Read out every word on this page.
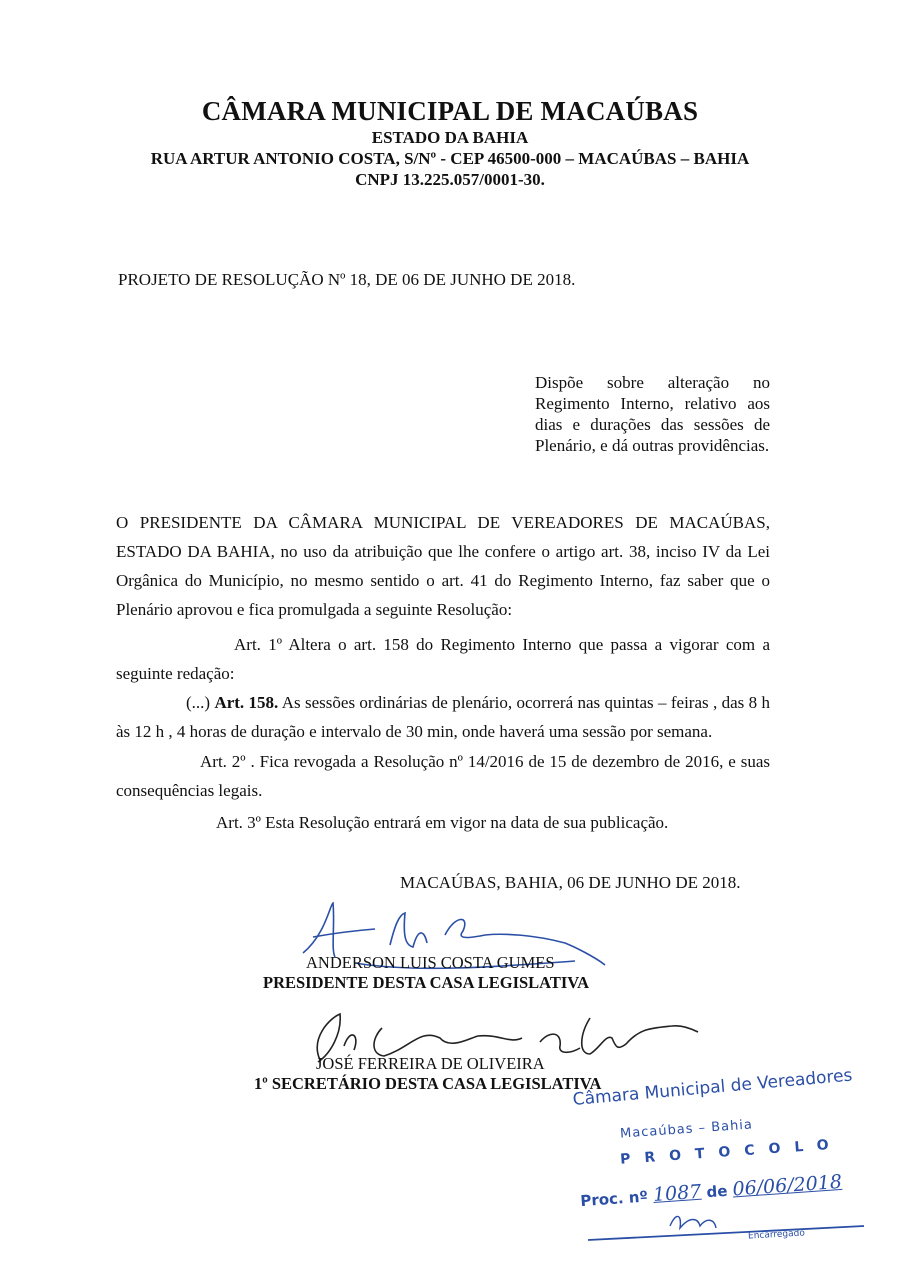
CÂMARA MUNICIPAL DE MACAÚBAS
ESTADO DA BAHIA
RUA ARTUR ANTONIO COSTA, S/Nº - CEP 46500-000 – MACAÚBAS – BAHIA
CNPJ 13.225.057/0001-30.
PROJETO DE RESOLUÇÃO Nº 18, DE 06 DE JUNHO DE 2018.
Dispõe sobre alteração no Regimento Interno, relativo aos dias e durações das sessões de Plenário, e dá outras providências.
O PRESIDENTE DA CÂMARA MUNICIPAL DE VEREADORES DE MACAÚBAS, ESTADO DA BAHIA, no uso da atribuição que lhe confere o artigo art. 38, inciso IV da Lei Orgânica do Município, no mesmo sentido o art. 41 do Regimento Interno, faz saber que o Plenário aprovou e fica promulgada a seguinte Resolução:
Art. 1º Altera o art. 158 do Regimento Interno que passa a vigorar com a seguinte redação:
(...) Art. 158. As sessões ordinárias de plenário, ocorrerá nas quintas – feiras , das 8 h às 12 h , 4 horas de duração e intervalo de 30 min, onde haverá uma sessão por semana.
Art. 2º . Fica revogada a Resolução nº 14/2016 de 15 de dezembro de 2016, e suas consequências legais.
Art. 3º Esta Resolução entrará em vigor na data de sua publicação.
MACAÚBAS, BAHIA, 06 DE JUNHO DE 2018.
ANDERSON LUIS COSTA GUMES
PRESIDENTE DESTA CASA LEGISLATIVA
JOSÉ FERREIRA DE OLIVEIRA
1º SECRETÁRIO DESTA CASA LEGISLATIVA
Câmara Municipal de Vereadores
Macaúbas – Bahia
PROTOCOLO
Proc. nº 1087 de 06/06/2018
Encarregado
